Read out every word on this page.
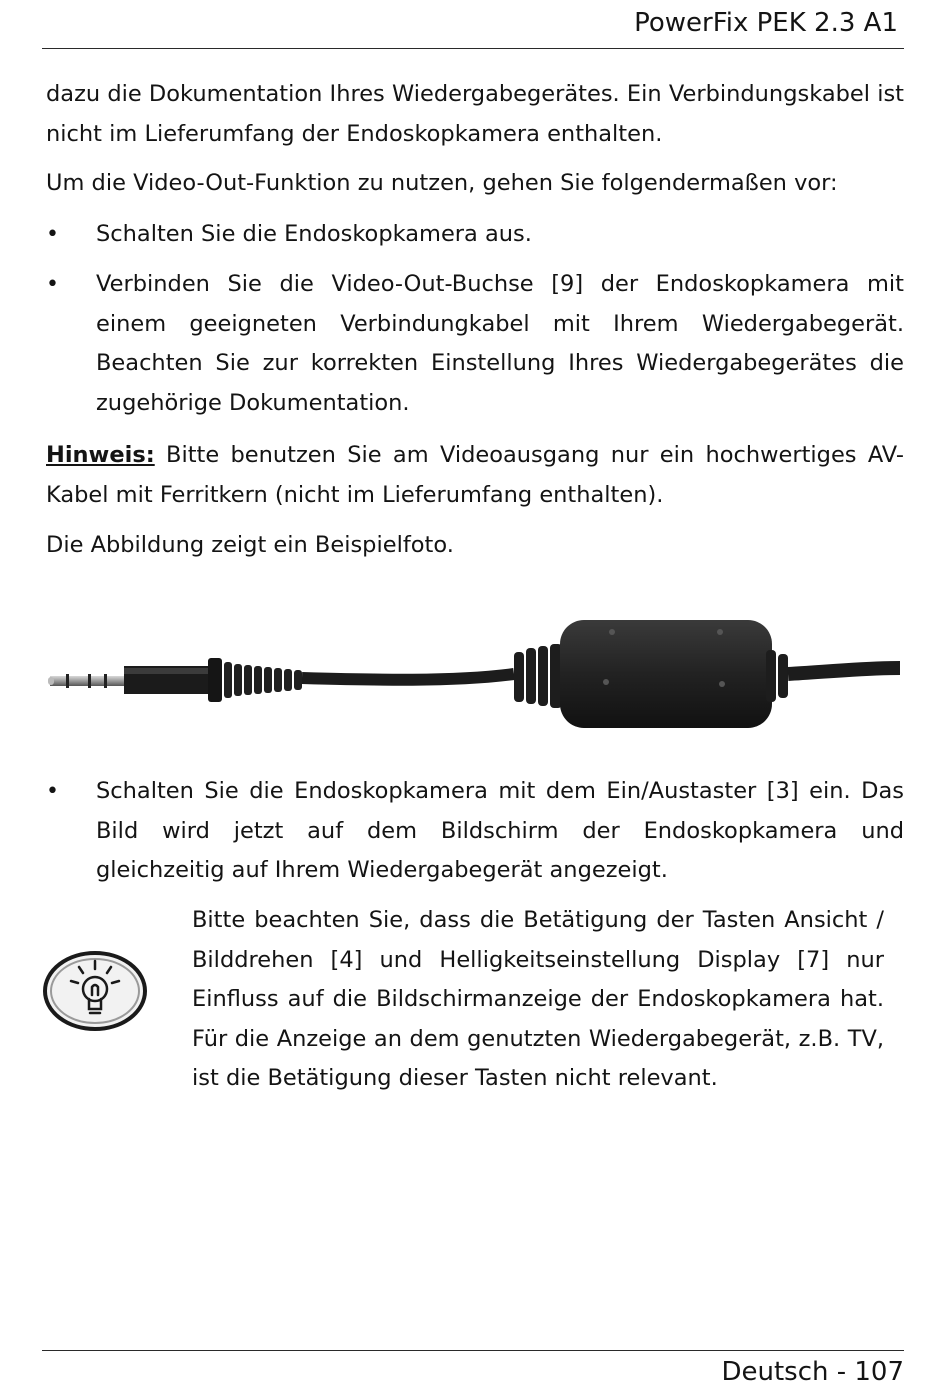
PowerFix PEK 2.3 A1

dazu die Dokumentation Ihres Wiedergabegerätes. Ein Verbindungskabel ist nicht im Lieferumfang der Endoskopkamera enthalten.

Um die Video-Out-Funktion zu nutzen, gehen Sie folgendermaßen vor:

• Schalten Sie die Endoskopkamera aus.

• Verbinden Sie die Video-Out-Buchse [9] der Endoskopkamera mit einem geeigneten Verbindungkabel mit Ihrem Wiedergabegerät. Beachten Sie zur korrekten Einstellung Ihres Wiedergabegerätes die zugehörige Dokumentation.

Hinweis: Bitte benutzen Sie am Videoausgang nur ein hochwertiges AV-Kabel mit Ferritkern (nicht im Lieferumfang enthalten).

Die Abbildung zeigt ein Beispielfoto.

• Schalten Sie die Endoskopkamera mit dem Ein/Austaster [3] ein. Das Bild wird jetzt auf dem Bildschirm der Endoskopkamera und gleichzeitig auf Ihrem Wiedergabegerät angezeigt.

Bitte beachten Sie, dass die Betätigung der Tasten Ansicht / Bilddrehen [4] und Helligkeitseinstellung Display [7] nur Einfluss auf die Bildschirmanzeige der Endoskopkamera hat. Für die Anzeige an dem genutzten Wiedergabegerät, z.B. TV, ist die Betätigung dieser Tasten nicht relevant.

Deutsch - 107
